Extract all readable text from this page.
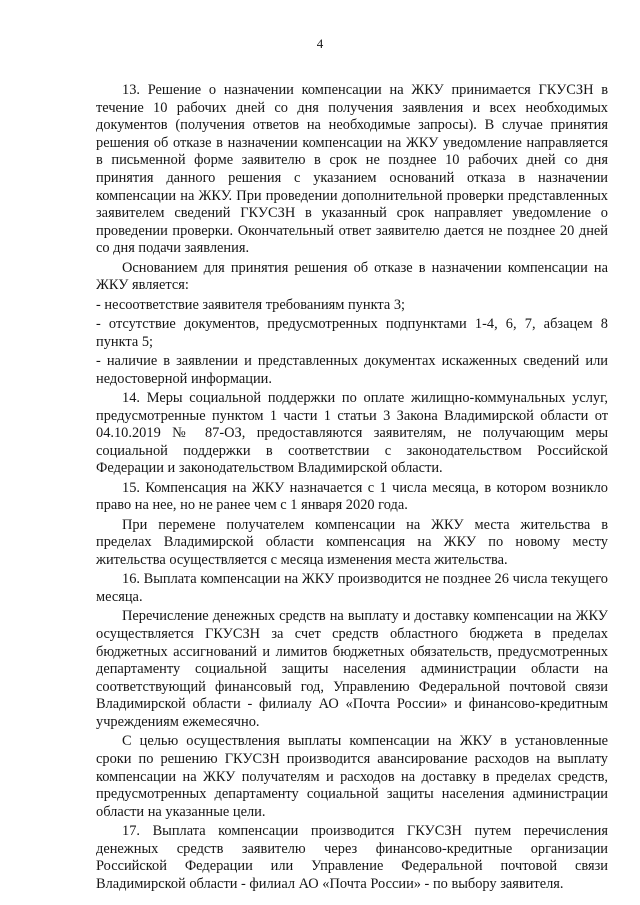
4

13. Решение о назначении компенсации на ЖКУ принимается ГКУСЗН в течение 10 рабочих дней со дня получения заявления и всех необходимых документов (получения ответов на необходимые запросы). В случае принятия решения об отказе в назначении компенсации на ЖКУ уведомление направляется в письменной форме заявителю в срок не позднее 10 рабочих дней со дня принятия данного решения с указанием оснований отказа в назначении компенсации на ЖКУ. При проведении дополнительной проверки представленных заявителем сведений ГКУСЗН в указанный срок направляет уведомление о проведении проверки. Окончательный ответ заявителю дается не позднее 20 дней со дня подачи заявления.

Основанием для принятия решения об отказе в назначении компенсации на ЖКУ является:

- несоответствие заявителя требованиям пункта 3;

- отсутствие документов, предусмотренных подпунктами 1-4, 6, 7, абзацем 8 пункта 5;

- наличие в заявлении и представленных документах искаженных сведений или недостоверной информации.

14. Меры социальной поддержки по оплате жилищно-коммунальных услуг, предусмотренные пунктом 1 части 1 статьи 3 Закона Владимирской области от 04.10.2019 № 87-ОЗ, предоставляются заявителям, не получающим меры социальной поддержки в соответствии с законодательством Российской Федерации и законодательством Владимирской области.

15. Компенсация на ЖКУ назначается с 1 числа месяца, в котором возникло право на нее, но не ранее чем с 1 января 2020 года.

При перемене получателем компенсации на ЖКУ места жительства в пределах Владимирской области компенсация на ЖКУ по новому месту жительства осуществляется с месяца изменения места жительства.

16. Выплата компенсации на ЖКУ производится не позднее 26 числа текущего месяца.

Перечисление денежных средств на выплату и доставку компенсации на ЖКУ осуществляется ГКУСЗН за счет средств областного бюджета в пределах бюджетных ассигнований и лимитов бюджетных обязательств, предусмотренных департаменту социальной защиты населения администрации области на соответствующий финансовый год, Управлению Федеральной почтовой связи Владимирской области - филиалу АО «Почта России» и финансово-кредитным учреждениям ежемесячно.

С целью осуществления выплаты компенсации на ЖКУ в установленные сроки по решению ГКУСЗН производится авансирование расходов на выплату компенсации на ЖКУ получателям и расходов на доставку в пределах средств, предусмотренных департаменту социальной защиты населения администрации области на указанные цели.

17. Выплата компенсации производится ГКУСЗН путем перечисления денежных средств заявителю через финансово-кредитные организации Российской Федерации или Управление Федеральной почтовой связи Владимирской области - филиал АО «Почта России» - по выбору заявителя.
